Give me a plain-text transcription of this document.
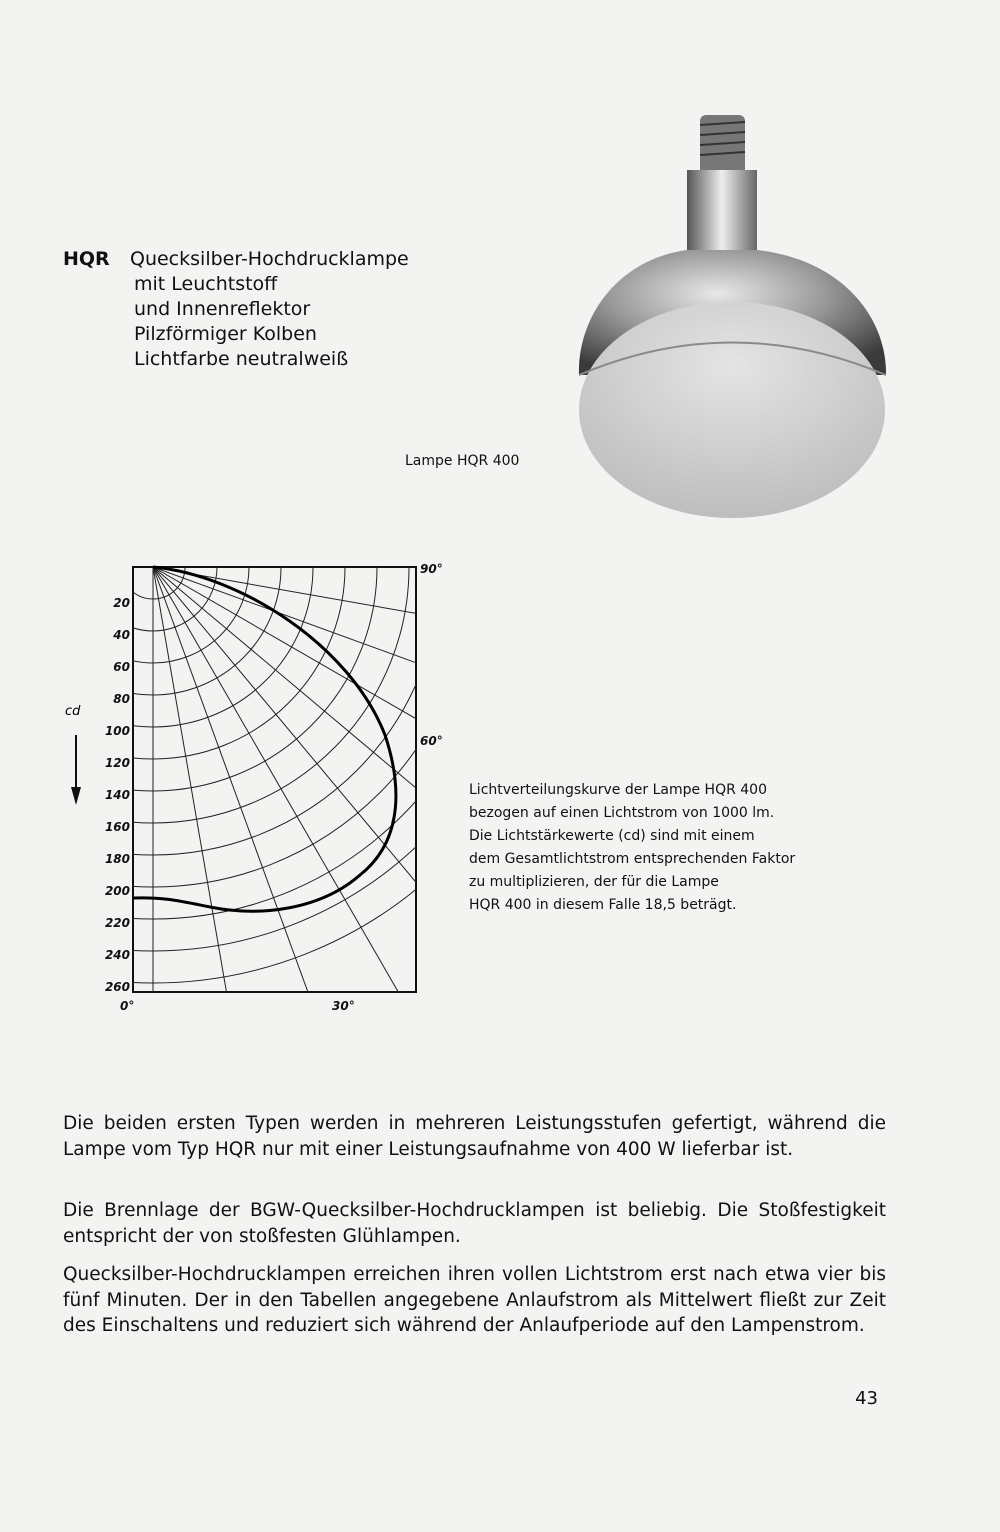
HQR Quecksilber-Hochdrucklampe
mit Leuchtstoff
und Innenreflektor
Pilzförmiger Kolben
Lichtfarbe neutralweiß
Lampe HQR 400
20
40
60
80
100
120
140
160
180
200
220
240
260
cd
90°
60°
0°	30°
Lichtverteilungskurve der Lampe HQR 400
bezogen auf einen Lichtstrom von 1000 lm.
Die Lichtstärkewerte (cd) sind mit einem
dem Gesamtlichtstrom entsprechenden Faktor
zu multiplizieren, der für die Lampe
HQR 400 in diesem Falle 18,5 beträgt.

Die beiden ersten Typen werden in mehreren Leistungsstufen gefertigt, während die Lampe vom Typ HQR nur mit einer Leistungsaufnahme von 400 W lieferbar ist.

Die Brennlage der BGW-Quecksilber-Hochdrucklampen ist beliebig. Die Stoßfestigkeit entspricht der von stoßfesten Glühlampen.

Quecksilber-Hochdrucklampen erreichen ihren vollen Lichtstrom erst nach etwa vier bis fünf Minuten. Der in den Tabellen angegebene Anlaufstrom als Mittelwert fließt zur Zeit des Einschaltens und reduziert sich während der Anlaufperiode auf den Lampenstrom.

43
